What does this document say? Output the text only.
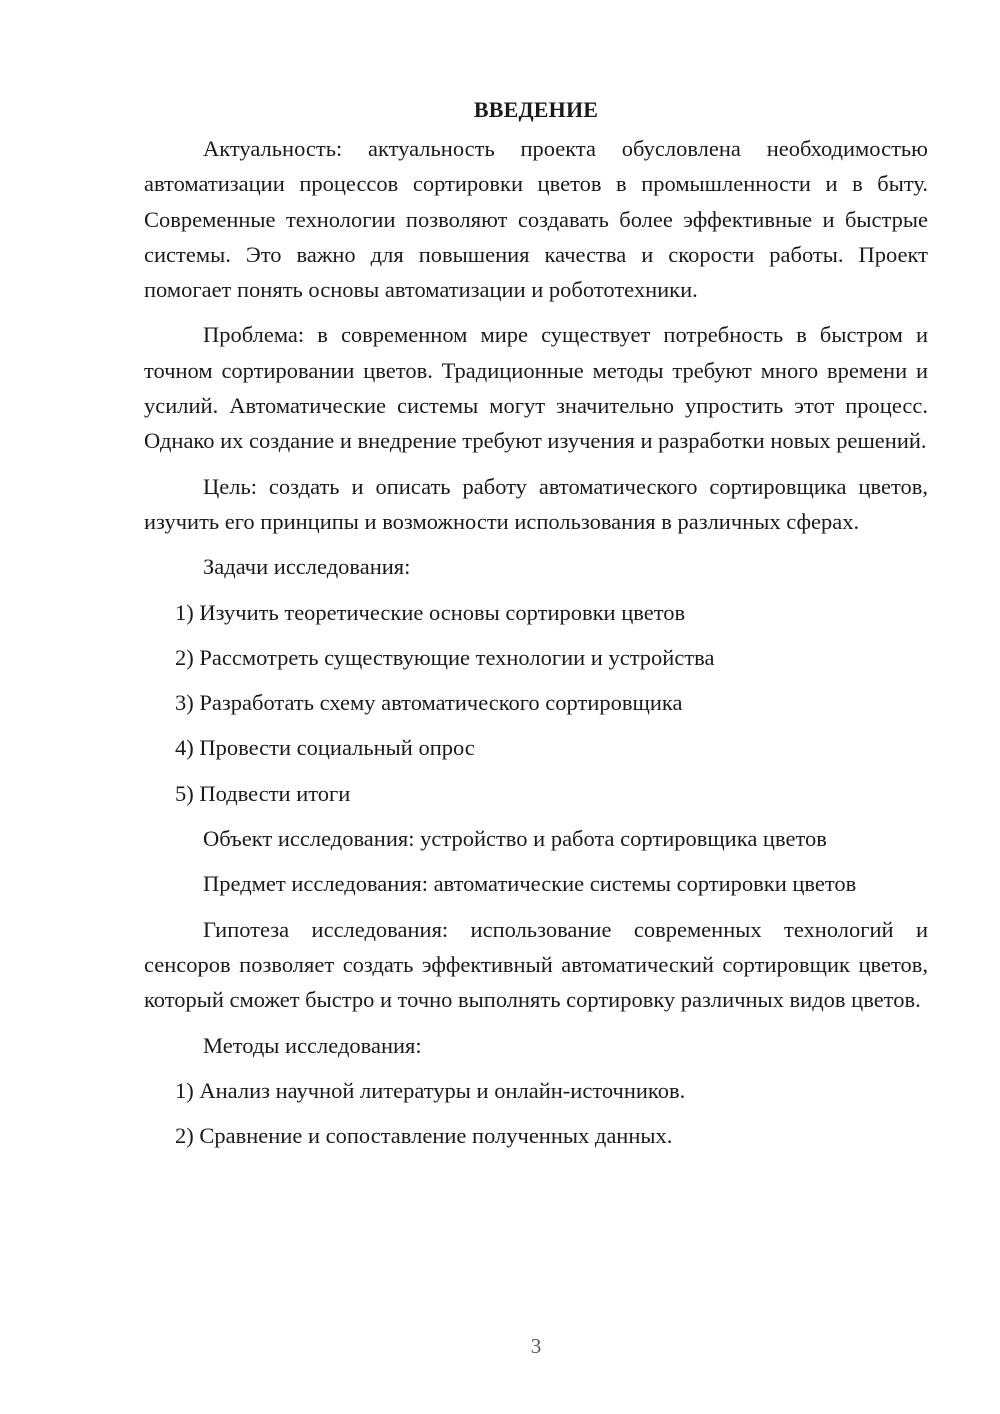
ВВЕДЕНИЕ

Актуальность: актуальность проекта обусловлена необходимостью автоматизации процессов сортировки цветов в промышленности и в быту. Современные технологии позволяют создавать более эффективные и быстрые системы. Это важно для повышения качества и скорости работы. Проект помогает понять основы автоматизации и робототехники.

Проблема: в современном мире существует потребность в быстром и точном сортировании цветов. Традиционные методы требуют много времени и усилий. Автоматические системы могут значительно упростить этот процесс. Однако их создание и внедрение требуют изучения и разработки новых решений.

Цель: создать и описать работу автоматического сортировщика цветов, изучить его принципы и возможности использования в различных сферах.

Задачи исследования:

1) Изучить теоретические основы сортировки цветов

2) Рассмотреть существующие технологии и устройства

3) Разработать схему автоматического сортировщика

4) Провести социальный опрос

5) Подвести итоги

Объект исследования: устройство и работа сортировщика цветов

Предмет исследования: автоматические системы сортировки цветов

Гипотеза исследования: использование современных технологий и сенсоров позволяет создать эффективный автоматический сортировщик цветов, который сможет быстро и точно выполнять сортировку различных видов цветов.

Методы исследования:

1) Анализ научной литературы и онлайн-источников.

2) Сравнение и сопоставление полученных данных.

3
